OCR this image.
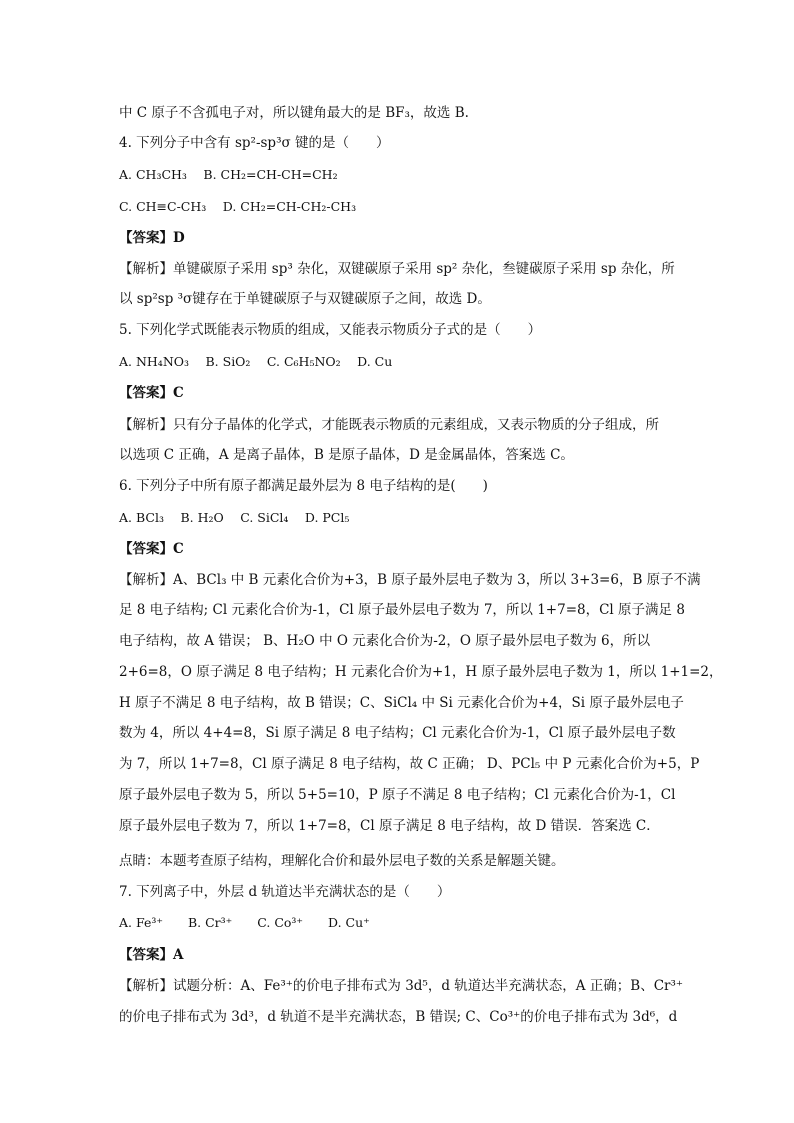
中 C 原子不含孤电子对，所以键角最大的是 BF₃，故选 B.
4. 下列分子中含有 sp²-sp³σ 键的是（　　）
A. CH₃CH₃　 B. CH₂=CH-CH=CH₂
C. CH≡C-CH₃　 D. CH₂=CH-CH₂-CH₃
【答案】D
【解析】单键碳原子采用 sp³ 杂化，双键碳原子采用 sp² 杂化，叁键碳原子采用 sp 杂化，所
以 sp²sp ³σ键存在于单键碳原子与双键碳原子之间，故选 D。
5. 下列化学式既能表示物质的组成，又能表示物质分子式的是（　　）
A. NH₄NO₃　 B. SiO₂　 C. C₆H₅NO₂　 D. Cu
【答案】C
【解析】只有分子晶体的化学式，才能既表示物质的元素组成，又表示物质的分子组成，所
以选项 C 正确，A 是离子晶体，B 是原子晶体，D 是金属晶体，答案选 C。
6. 下列分子中所有原子都满足最外层为 8 电子结构的是(　　)
A. BCl₃　 B. H₂O　 C. SiCl₄　 D. PCl₅
【答案】C
【解析】A、BCl₃ 中 B 元素化合价为+3，B 原子最外层电子数为 3，所以 3+3=6，B 原子不满
足 8 电子结构; Cl 元素化合价为-1，Cl 原子最外层电子数为 7，所以 1+7=8，Cl 原子满足 8
电子结构，故 A 错误； B、H₂O 中 O 元素化合价为-2，O 原子最外层电子数为 6，所以
2+6=8，O 原子满足 8 电子结构；H 元素化合价为+1，H 原子最外层电子数为 1，所以 1+1=2，
H 原子不满足 8 电子结构，故 B 错误；C、SiCl₄ 中 Si 元素化合价为+4，Si 原子最外层电子
数为 4，所以 4+4=8，Si 原子满足 8 电子结构；Cl 元素化合价为-1，Cl 原子最外层电子数
为 7，所以 1+7=8，Cl 原子满足 8 电子结构，故 C 正确； D、PCl₅ 中 P 元素化合价为+5，P
原子最外层电子数为 5，所以 5+5=10，P 原子不满足 8 电子结构；Cl 元素化合价为-1，Cl
原子最外层电子数为 7，所以 1+7=8，Cl 原子满足 8 电子结构，故 D 错误．答案选 C．
点睛：本题考查原子结构，理解化合价和最外层电子数的关系是解题关键。
7. 下列离子中，外层 d 轨道达半充满状态的是（　　）
A. Fe³⁺　　B. Cr³⁺　　C. Co³⁺　　D. Cu⁺
【答案】A
【解析】试题分析：A、Fe³⁺的价电子排布式为 3d⁵，d 轨道达半充满状态，A 正确；B、Cr³⁺
的价电子排布式为 3d³，d 轨道不是半充满状态，B 错误; C、Co³⁺的价电子排布式为 3d⁶，d
